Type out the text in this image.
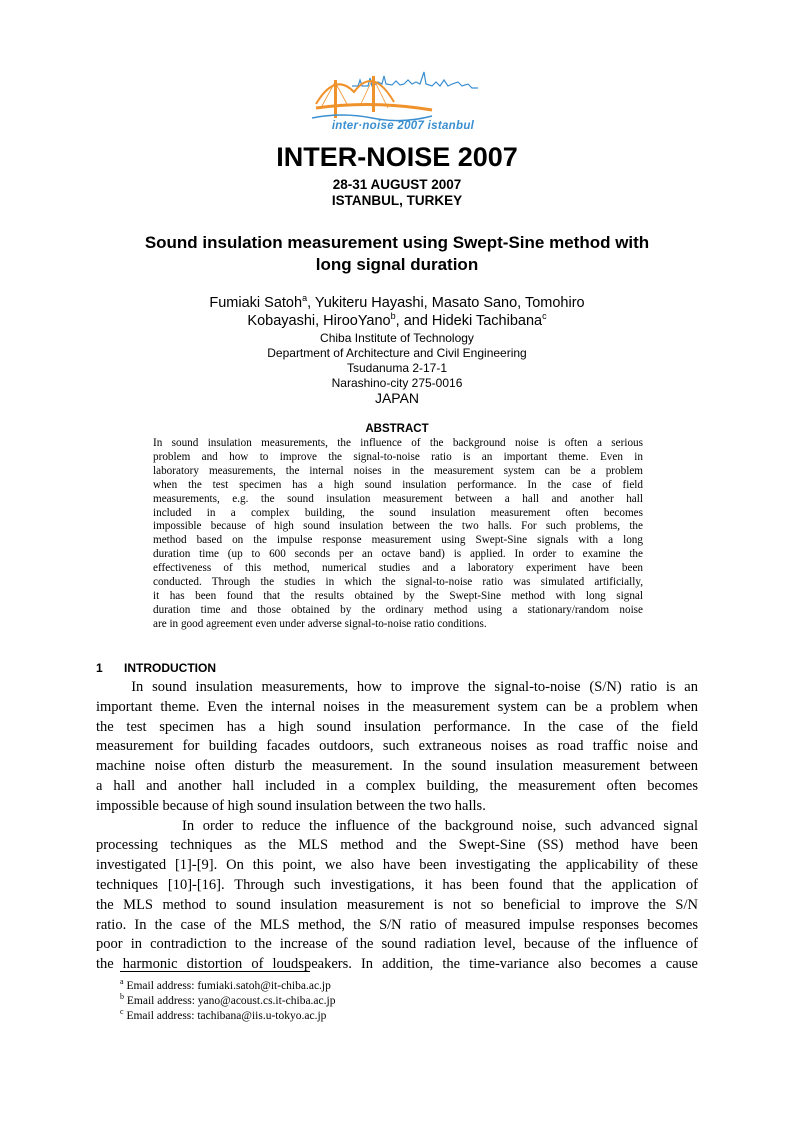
inter·noise 2007 istanbul
INTER-NOISE 2007
28-31 AUGUST 2007
ISTANBUL, TURKEY
Sound insulation measurement using Swept-Sine method with
long signal duration
Fumiaki Satoh$^a$, Yukiteru Hayashi, Masato Sano, Tomohiro
Kobayashi, HirooYano$^b$, and Hideki Tachibana$^c$
Chiba Institute of Technology
Department of Architecture and Civil Engineering
Tsudanuma 2-17-1
Narashino-city 275-0016
JAPAN
ABSTRACT
In sound insulation measurements, the influence of the background noise is often a serious
problem and how to improve the signal-to-noise ratio is an important theme. Even in
laboratory measurements, the internal noises in the measurement system can be a problem
when the test specimen has a high sound insulation performance. In the case of field
measurements, e.g. the sound insulation measurement between a hall and another hall
included in a complex building, the sound insulation measurement often becomes
impossible because of high sound insulation between the two halls. For such problems, the
method based on the impulse response measurement using Swept-Sine signals with a long
duration time (up to 600 seconds per an octave band) is applied. In order to examine the
effectiveness of this method, numerical studies and a laboratory experiment have been
conducted. Through the studies in which the signal-to-noise ratio was simulated artificially,
it has been found that the results obtained by the Swept-Sine method with long signal
duration time and those obtained by the ordinary method using a stationary/random noise
are in good agreement even under adverse signal-to-noise ratio conditions.
1 INTRODUCTION
In sound insulation measurements, how to improve the signal-to-noise (S/N) ratio is an
important theme. Even the internal noises in the measurement system can be a problem when
the test specimen has a high sound insulation performance. In the case of the field
measurement for building facades outdoors, such extraneous noises as road traffic noise and
machine noise often disturb the measurement. In the sound insulation measurement between
a hall and another hall included in a complex building, the measurement often becomes
impossible because of high sound insulation between the two halls.
In order to reduce the influence of the background noise, such advanced signal
processing techniques as the MLS method and the Swept-Sine (SS) method have been
investigated [1]-[9]. On this point, we also have been investigating the applicability of these
techniques [10]-[16]. Through such investigations, it has been found that the application of
the MLS method to sound insulation measurement is not so beneficial to improve the S/N
ratio. In the case of the MLS method, the S/N ratio of measured impulse responses becomes
poor in contradiction to the increase of the sound radiation level, because of the influence of
the harmonic distortion of loudspeakers. In addition, the time-variance also becomes a cause
$^a$ Email address: fumiaki.satoh@it-chiba.ac.jp
$^b$ Email address: yano@acoust.cs.it-chiba.ac.jp
$^c$ Email address: tachibana@iis.u-tokyo.ac.jp
